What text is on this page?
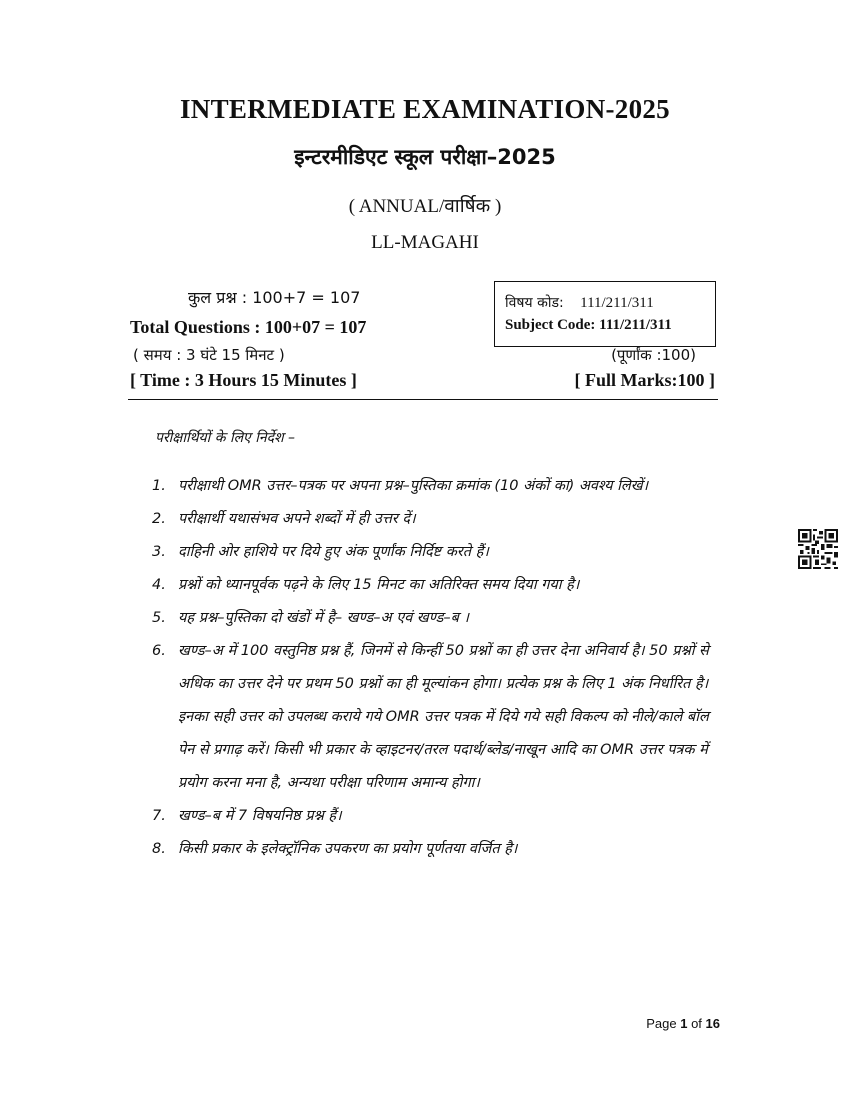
INTERMEDIATE EXAMINATION-2025
इन्टरमीडिएट स्कूल परीक्षा–2025
( ANNUAL/वार्षिक )
LL-MAGAHI
कुल प्रश्न : 100+7 = 107
Total Questions : 100+07 = 107
( समय : 3 घंटे 15 मिनट )
[ Time : 3 Hours 15 Minutes ]
(पूर्णांक :100)
[ Full Marks:100 ]
विषय कोड: 111/211/311
Subject Code: 111/211/311
परीक्षार्थियों के लिए निर्देश –
1. परीक्षाथी OMR उत्तर–पत्रक पर अपना प्रश्न–पुस्तिका क्रमांक (10 अंकों का) अवश्य लिखें।
2. परीक्षार्थी यथासंभव अपने शब्दों में ही उत्तर दें।
3. दाहिनी ओर हाशिये पर दिये हुए अंक पूर्णांक निर्दिष्ट करते हैं।
4. प्रश्नों को ध्यानपूर्वक पढ़ने के लिए 15 मिनट का अतिरिक्त समय दिया गया है।
5. यह प्रश्न–पुस्तिका दो खंडों में है– खण्ड–अ एवं खण्ड–ब ।
6. खण्ड–अ में 100 वस्तुनिष्ठ प्रश्न हैं, जिनमें से किन्हीं 50 प्रश्नों का ही उत्तर देना अनिवार्य है। 50 प्रश्नों से अधिक का उत्तर देने पर प्रथम 50 प्रश्नों का ही मूल्यांकन होगा। प्रत्येक प्रश्न के लिए 1 अंक निर्धारित है। इनका सही उत्तर को उपलब्ध कराये गये OMR उत्तर पत्रक में दिये गये सही विकल्प को नीले/काले बॉल पेन से प्रगाढ़ करें। किसी भी प्रकार के व्हाइटनर/तरल पदार्थ/ब्लेड/नाखून आदि का OMR उत्तर पत्रक में प्रयोग करना मना है, अन्यथा परीक्षा परिणाम अमान्य होगा।
7. खण्ड–ब में 7 विषयनिष्ठ प्रश्न हैं।
8. किसी प्रकार के इलेक्ट्रॉनिक उपकरण का प्रयोग पूर्णतया वर्जित है।
Page 1 of 16
